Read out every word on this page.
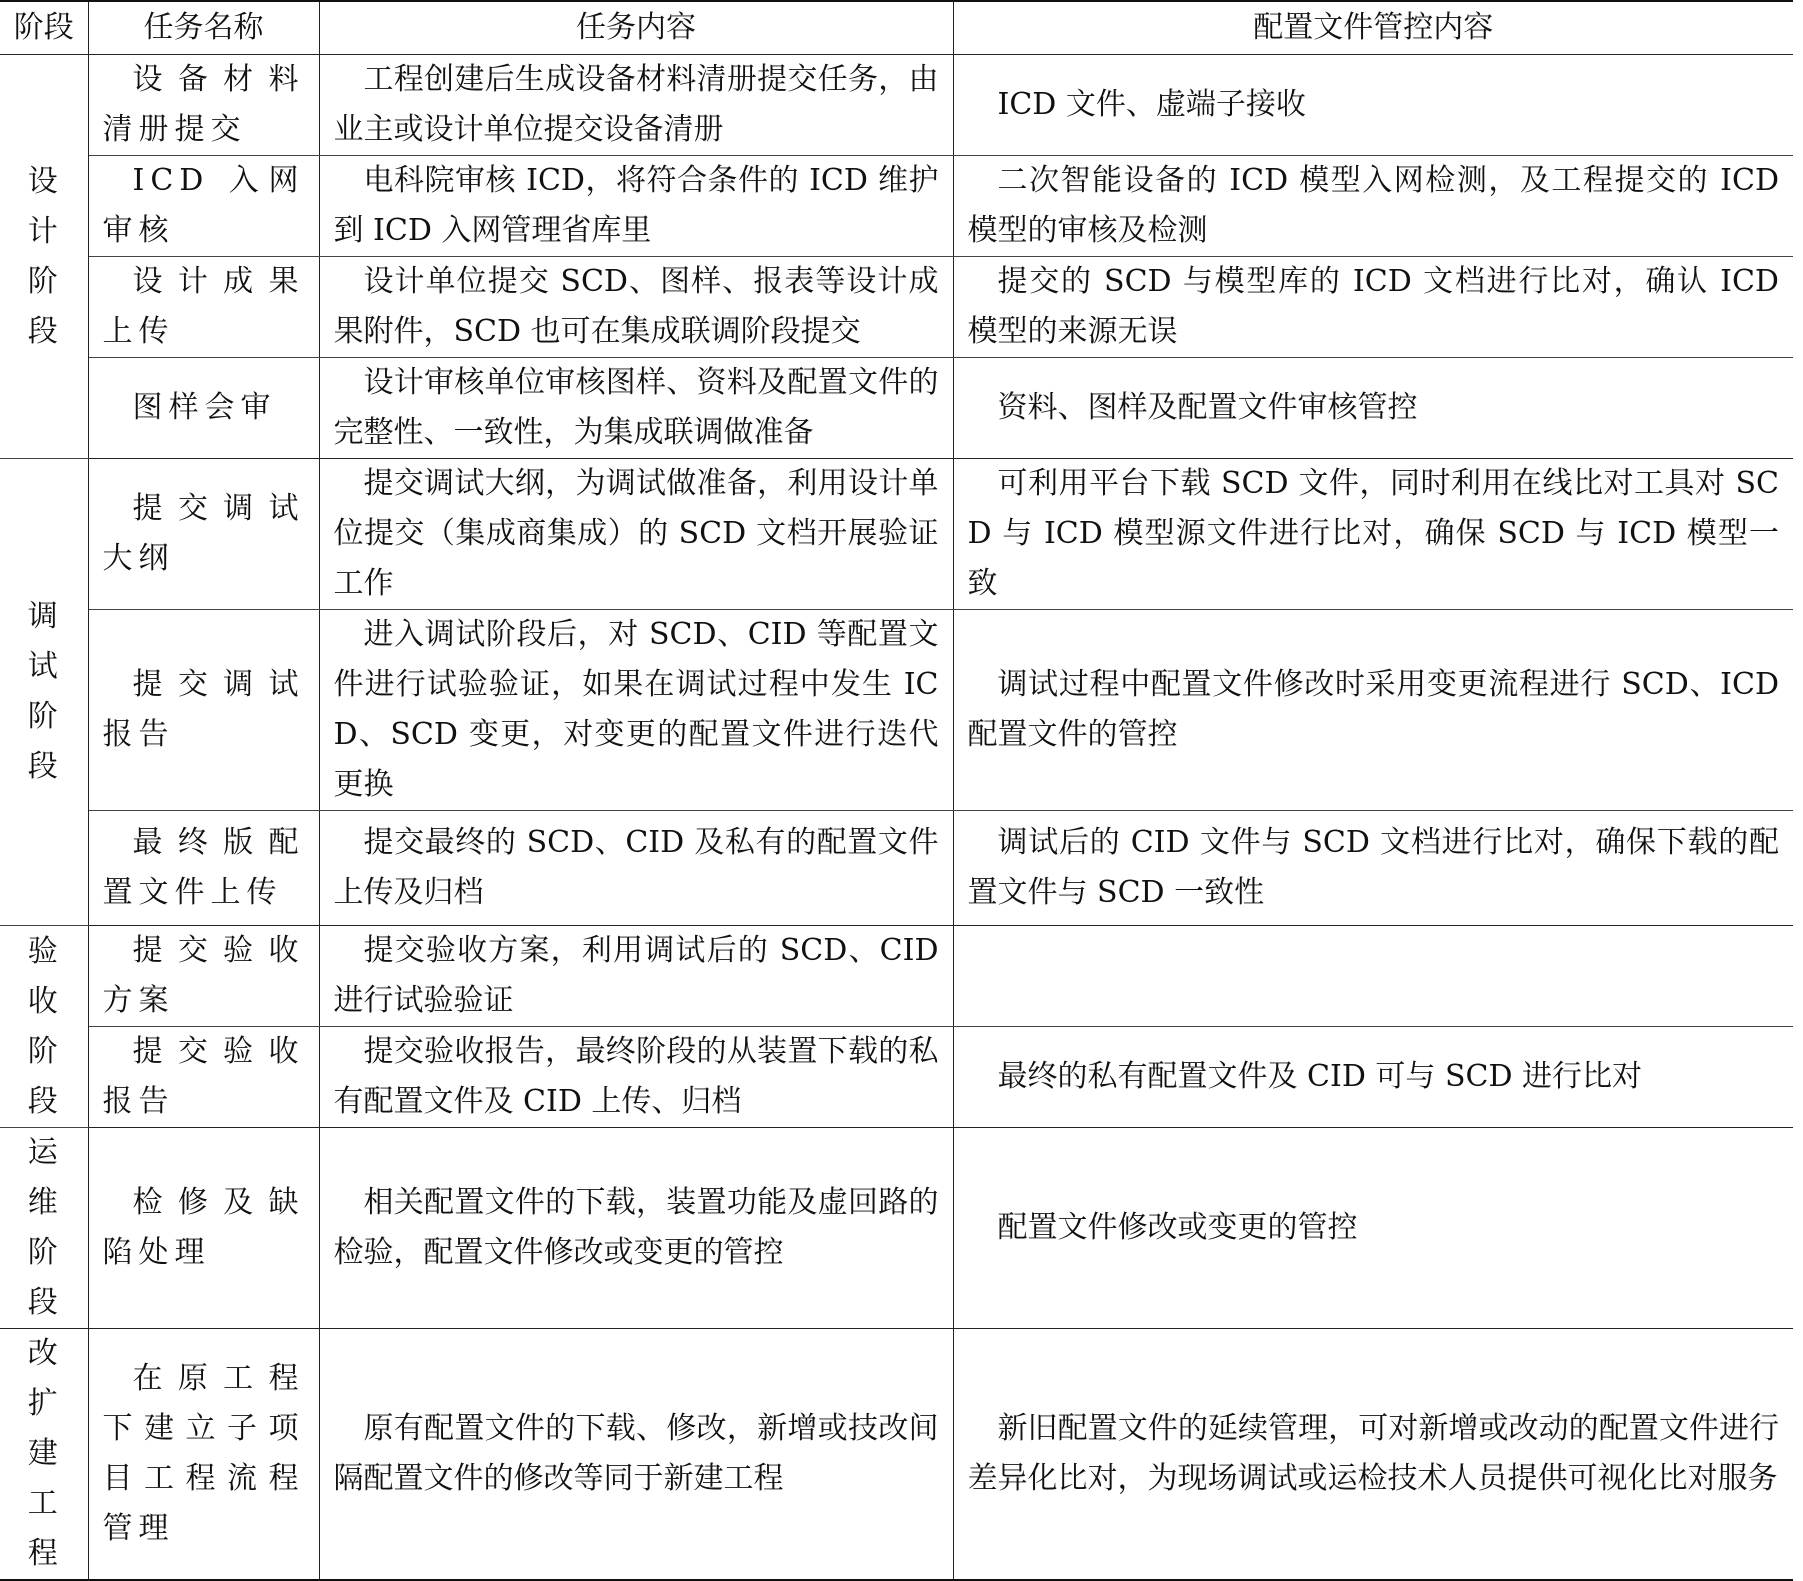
阶段	任务名称	任务内容	配置文件管控内容
设计阶段	设备材料清册提交	工程创建后生成设备材料清册提交任务，由业主或设计单位提交设备清册	ICD 文件、虚端子接收
	ICD 入网审核	电科院审核 ICD，将符合条件的 ICD 维护到 ICD 入网管理省库里	二次智能设备的 ICD 模型入网检测，及工程提交的 ICD 模型的审核及检测
	设计成果上传	设计单位提交 SCD、图样、报表等设计成果附件，SCD 也可在集成联调阶段提交	提交的 SCD 与模型库的 ICD 文档进行比对，确认 ICD 模型的来源无误
	图样会审	设计审核单位审核图样、资料及配置文件的完整性、一致性，为集成联调做准备	资料、图样及配置文件审核管控
调试阶段	提交调试大纲	提交调试大纲，为调试做准备，利用设计单位提交（集成商集成）的 SCD 文档开展验证工作	可利用平台下载 SCD 文件，同时利用在线比对工具对 SCD 与 ICD 模型源文件进行比对，确保 SCD 与 ICD 模型一致
	提交调试报告	进入调试阶段后，对 SCD、CID 等配置文件进行试验验证，如果在调试过程中发生 ICD、SCD 变更，对变更的配置文件进行迭代更换	调试过程中配置文件修改时采用变更流程进行 SCD、ICD 配置文件的管控
	最终版配置文件上传	提交最终的 SCD、CID 及私有的配置文件上传及归档	调试后的 CID 文件与 SCD 文档进行比对，确保下载的配置文件与 SCD 一致性
验收阶段	提交验收方案	提交验收方案，利用调试后的 SCD、CID 进行试验验证	
	提交验收报告	提交验收报告，最终阶段的从装置下载的私有配置文件及 CID 上传、归档	最终的私有配置文件及 CID 可与 SCD 进行比对
运维阶段	检修及缺陷处理	相关配置文件的下载，装置功能及虚回路的检验，配置文件修改或变更的管控	配置文件修改或变更的管控
改扩建工程	在原工程下建立子项目工程流程管理	原有配置文件的下载、修改，新增或技改间隔配置文件的修改等同于新建工程	新旧配置文件的延续管理，可对新增或改动的配置文件进行差异化比对，为现场调试或运检技术人员提供可视化比对服务
